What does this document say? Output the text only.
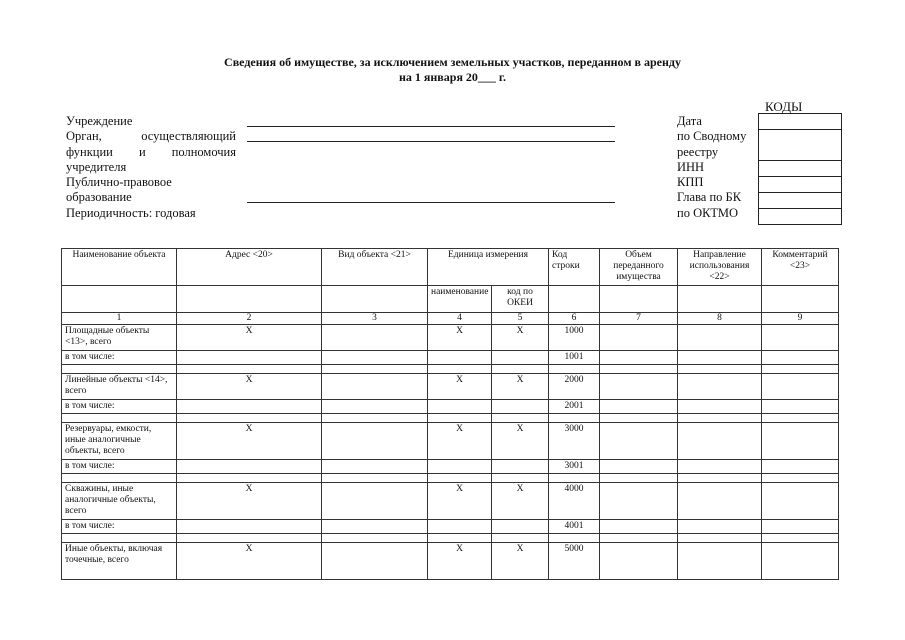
Сведения об имуществе, за исключением земельных участков, переданном в аренду
на 1 января 20___ г.
Учреждение
Орган, осуществляющий
функции и полномочия
учредителя
Публично-правовое
образование
Периодичность: годовая
КОДЫ
Дата
по Сводному
реестру
ИНН
КПП
Глава по БК
по ОКТМО
Наименование объекта	Адрес <20>	Вид объекта <21>	Единица измерения		Код строки	Объем переданного имущества	Направление использования <22>	Комментарий <23>
			наименование	код по ОКЕИ				
1	2	3	4	5	6	7	8	9
Площадные объекты <13>, всего	X		X	X	1000			
в том числе:					1001			

Линейные объекты <14>, всего	X		X	X	2000			
в том числе:					2001			

Резервуары, емкости, иные аналогичные объекты, всего	X		X	X	3000			
в том числе:					3001			

Скважины, иные аналогичные объекты, всего	X		X	X	4000			
в том числе:					4001			

Иные объекты, включая точечные, всего	X		X	X	5000			
